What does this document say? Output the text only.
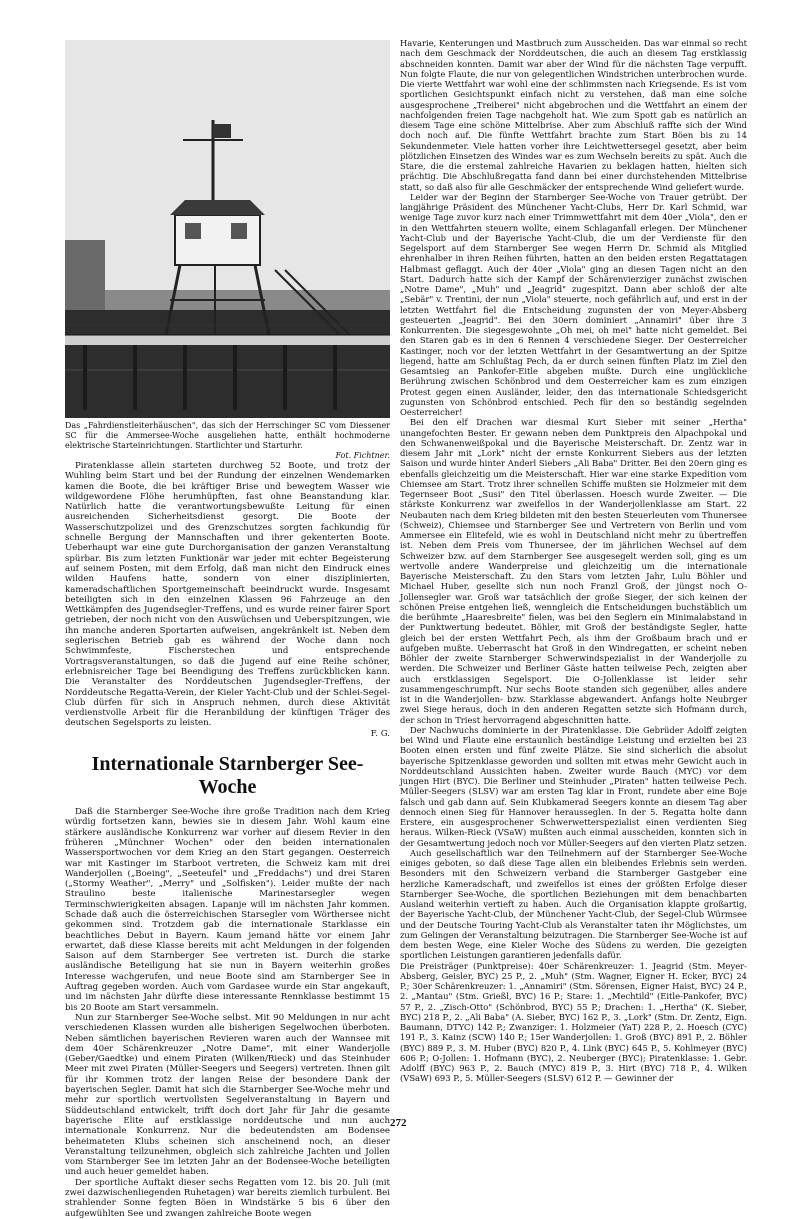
Das „Fahrdienstleiterhäuschen", das sich der Herrschinger SC vom Diessener SC für die Ammersee-Woche ausgeliehen hatte, enthält hochmoderne elektrische Starteinrichtungen. Startlichter und Starturhr.
Fot. Fichtner.

Piratenklasse allein starteten durchweg 52 Boote, und trotz der Wuhling beim Start und bei der Rundung der einzelnen Wendemarken kamen die Boote, die bei kräftiger Brise und bewegtem Wasser wie wildgewordene Flöhe herumhüpften, fast ohne Beanstandung klar. Natürlich hatte die verantwortungsbewußte Leitung für einen ausreichenden Sicherheitsdienst gesorgt. Die Boote der Wasserschutzpolizei und des Grenzschutzes sorgten fachkundig für schnelle Bergung der Mannschaften und ihrer gekenterten Boote. Ueberhaupt war eine gute Durchorganisation der ganzen Veranstaltung spürbar. Bis zum letzten Funktionär war jeder mit echter Begeisterung auf seinem Posten, mit dem Erfolg, daß man nicht den Eindruck eines wilden Haufens hatte, sondern von einer disziplinierten, kameradschaftlichen Sportgemeinschaft beeindruckt wurde. Insgesamt beteiligten sich in den einzelnen Klassen 96 Fahrzeuge an den Wettkämpfen des Jugendsegler-Treffens, und es wurde reiner fairer Sport getrieben, der noch nicht von den Auswüchsen und Ueberspitzungen, wie ihn manche anderen Sportarten aufweisen, angekränkelt ist. Neben dem seglerischen Betrieb gab es während der Woche dann noch Schwimmfeste, Fischerstechen und entsprechende Vortragsveranstaltungen, so daß die Jugend auf eine Reihe schöner, erlebnisreicher Tage bei Beendigung des Treffens zurückblicken kann. Die Veranstalter des Norddeutschen Jugendsegler-Treffens, der Norddeutsche Regatta-Verein, der Kieler Yacht-Club und der Schlei-Segel-Club dürfen für sich in Anspruch nehmen, durch diese Aktivität verdienstvolle Arbeit für die Heranbildung der künftigen Träger des deutschen Segelsports zu leisten.

F. G.

Internationale Starnberger See-Woche

Daß die Starnberger See-Woche ihre große Tradition nach dem Krieg würdig fortsetzen kann, bewies sie in diesem Jahr. Wohl kaum eine stärkere ausländische Konkurrenz war vorher auf diesem Revier in den früheren „Münchner Wochen" oder den beiden internationalen Wassersportwochen vor dem Krieg an den Start gegangen. Oesterreich war mit Kastinger im Starboot vertreten, die Schweiz kam mit drei Wanderjollen („Boeing", „Seeteufel" und „Freddachs") und drei Staren („Stormy Weather", „Merry" und „Solfisken"). Leider mußte der nach Straulino beste italienische Marinestarsegler wegen Terminschwierigkeiten absagen. Lapanje will im nächsten Jahr kommen. Schade daß auch die österreichischen Starsegler vom Wörthersee nicht gekommen sind. Trotzdem gab die internationale Starklasse ein beachtliches Debut in Bayern. Kaum jemand hätte vor einem Jahr erwartet, daß diese Klasse bereits mit acht Meldungen in der folgenden Saison auf dem Starnberger See vertreten ist. Durch die starke ausländische Beteiligung hat sie nun in Bayern weiterhin großes Interesse wachgerufen, und neue Boote sind am Starnberger See in Auftrag gegeben worden. Auch vom Gardasee wurde ein Star angekauft, und im nächsten Jahr dürfte diese interessante Rennklasse bestimmt 15 bis 20 Boote am Start versammeln.

Nun zur Starnberger See-Woche selbst. Mit 90 Meldungen in nur acht verschiedenen Klassen wurden alle bisherigen Segelwochen überboten. Neben sämtlichen bayerischen Revieren waren auch der Wannsee mit dem 40er Schärenkreuzer „Notre Dame", mit einer Wanderjolle (Geber/Gaedtke) und einem Piraten (Wilken/Rieck) und das Steinhuder Meer mit zwei Piraten (Müller-Seegers und Seegers) vertreten. Ihnen gilt für ihr Kommen trotz der langen Reise der besondere Dank der bayerischen Segler. Damit hat sich die Starnberger See-Woche mehr und mehr zur sportlich wertvollsten Segelveranstaltung in Bayern und Süddeutschland entwickelt, trifft doch dort Jahr für Jahr die gesamte bayerische Elite auf erstklassige norddeutsche und nun auch internationale Konkurrenz. Nur die bedeutendsten am Bodensee beheimateten Klubs scheinen sich anscheinend noch, an dieser Veranstaltung teilzunehmen, obgleich sich zahlreiche Jachten und Jollen vom Starnberger See im letzten Jahr an der Bodensee-Woche beteiligten und auch heuer gemeldet haben.

Der sportliche Auftakt dieser sechs Regatten vom 12. bis 20. Juli (mit zwei dazwischenliegenden Ruhetagen) war bereits ziemlich turbulent. Bei strahlender Sonne fegten Böen in Windstärke 5 bis 6 über den aufgewühlten See und zwangen zahlreiche Boote wegen

Havarie, Kenterungen und Mastbruch zum Ausscheiden. Das war einmal so recht nach dem Geschmack der Norddeutschen, die auch an diesem Tag erstklassig abschneiden konnten. Damit war aber der Wind für die nächsten Tage verpufft. Nun folgte Flaute, die nur von gelegentlichen Windstrichen unterbrochen wurde. Die vierte Wettfahrt war wohl eine der schlimmsten nach Kriegsende. Es ist vom sportlichen Gesichtspunkt einfach nicht zu verstehen, daß man eine solche ausgesprochene „Treiberei" nicht abgebrochen und die Wettfahrt an einem der nachfolgenden freien Tage nachgeholt hat. Wie zum Spott gab es natürlich an diesem Tage eine schöne Mittelbrise. Aber zum Abschluß raffte sich der Wind doch noch auf. Die fünfte Wettfahrt brachte zum Start Böen bis zu 14 Sekundenmeter. Viele hatten vorher ihre Leichtwettersegel gesetzt, aber beim plötzlichen Einsetzen des Windes war es zum Wechseln bereits zu spät. Auch die Stare, die die erstemal zahlreiche Havarien zu beklagen hatten, hielten sich prächtig. Die Abschlußregatta fand dann bei einer durchstehenden Mittelbrise statt, so daß also für alle Geschmäcker der entsprechende Wind geliefert wurde.

Leider war der Beginn der Starnberger See-Woche von Trauer getrübt. Der langjährige Präsident des Münchener Yacht-Clubs, Herr Dr. Karl Schmid, war wenige Tage zuvor kurz nach einer Trimmwettfahrt mit dem 40er „Viola", den er in den Wettfahrten steuern wollte, einem Schlaganfall erlegen. Der Münchener Yacht-Club und der Bayerische Yacht-Club, die um der Verdienste für den Segelsport auf dem Starnberger See wegen Herrn Dr. Schmid als Mitglied ehrenhalber in ihren Reihen führten, hatten an den beiden ersten Regattatagen Halbmast geflaggt. Auch der 40er „Viola" ging an diesen Tagen nicht an den Start. Dadurch hatte sich der Kampf der Schärenvierziger zunächst zwischen „Notre Dame", „Muh" und „Jeagrid" zugespitzt. Dann aber schloß der alte „Sebär" v. Trentini, der nun „Viola" steuerte, noch gefährlich auf, und erst in der letzten Wettfahrt fiel die Entscheidung zugunsten der von Meyer-Absberg gesteuerten „Jeagrid". Bei den 30ern dominiert „Annamiri" über ihre 3 Konkurrenten. Die siegesgewohnte „Oh mei, oh mei" hatte nicht gemeldet. Bei den Staren gab es in den 6 Rennen 4 verschiedene Sieger. Der Oesterreicher Kastinger, noch vor der letzten Wettfahrt in der Gesamtwertung an der Spitze liegend, hatte am Schlußtag Pech, da er durch seinen fünften Platz im Ziel den Gesamtsieg an Pankofer-Eitle abgeben mußte. Durch eine unglückliche Berührung zwischen Schönbrod und dem Oesterreicher kam es zum einzigen Protest gegen einen Ausländer, leider, den das internationale Schiedsgericht zugunsten von Schönbrod entschied. Pech für den so beständig segelnden Oesterreicher!

Bei den elf Drachen war diesmal Kurt Sieber mit seiner „Hertha" unangefochten Bester. Er gewann neben dem Punktpreis den Alpachpokal und den Schwanenweißpokal und die Bayerische Meisterschaft. Dr. Zentz war in diesem Jahr mit „Lork" nicht der ernste Konkurrent Siebers aus der letzten Saison und wurde hinter Anderl Siebers „Ali Baba" Dritter. Bei den 20ern ging es ebenfalls gleichzeitig um die Meisterschaft. Hier war eine starke Expedition vom Chiemsee am Start. Trotz ihrer schnellen Schiffe mußten sie Holzmeier mit dem Tegernseer Boot „Susi" den Titel überlassen. Hoesch wurde Zweiter. — Die stärkste Konkurrenz war zweifellos in der Wanderjollenklasse am Start. 22 Neubauten nach dem Krieg bildeten mit den besten Steuerleuten vom Thunersee (Schweiz), Chiemsee und Starnberger See und Vertretern von Berlin und vom Ammersee ein Elitefeld, wie es wohl in Deutschland nicht mehr zu übertreffen ist. Neben dem Preis vom Thunersee, der im jährlichen Wechsel auf dem Schweizer bzw. auf dem Starnberger See ausgesegelt werden soll, ging es um wertvolle andere Wanderpreise und gleichzeitig um die internationale Bayerische Meisterschaft. Zu den Stars vom letzten Jahr, Lulu Böhler und Michael Huber, gesellte sich nun noch Franzl Groß, der jüngst noch O-Jollensegler war. Groß war tatsächlich der große Sieger, der sich keinen der schönen Preise entgehen ließ, wenngleich die Entscheidungen buchstäblich um die berühmte „Haaresbreite" fielen, was bei den Seglern ein Minimalabstand in der Punktwertung bedeutet. Böhler, mit Groß der beständigste Segler, hatte gleich bei der ersten Wettfahrt Pech, als ihm der Großbaum brach und er aufgeben mußte. Ueberrascht hat Groß in den Windregatten, er scheint neben Böhler der zweite Starnberger Schwerwindspezialist in der Wanderjolle zu werden. Die Schweizer und Berliner Gäste hatten teilweise Pech, zeigten aber auch erstklassigen Segelsport. Die O-Jollenklasse ist leider sehr zusammengeschrumpft. Nur sechs Boote standen sich gegenüber, alles andere ist in die Wanderjollen- bzw. Starklasse abgewandert. Anfangs holte Neubrger zwei Siege heraus, doch in den anderen Regatten setzte sich Hofmann durch, der schon in Triest hervorragend abgeschnitten hatte.

Der Nachwuchs dominierte in der Piratenklasse. Die Gebrüder Adolff zeigten bei Wind und Flaute eine erstaunlich beständige Leistung und erzielten bei 23 Booten einen ersten und fünf zweite Plätze. Sie sind sicherlich die absolut bayerische Spitzenklasse geworden und sollten mit etwas mehr Gewicht auch in Norddeutschland Aussichten haben. Zweiter wurde Bauch (MYC) vor dem jungen Hirt (BYC). Die Berliner und Steinhuder „Piraten" hatten teilweise Pech. Müller-Seegers (SLSV) war am ersten Tag klar in Front, rundete aber eine Boje falsch und gab dann auf. Sein Klubkamerad Seegers konnte an diesem Tag aber dennoch einen Sieg für Hannover herausseglen. In der 5. Regatta holte dann Erstere, ein ausgesprochener Schwerwetterspezialist einen verdienten Sieg heraus. Wilken-Rieck (VSaW) mußten auch einmal ausscheiden, konnten sich in der Gesamtwertung jedoch noch vor Müller-Seegers auf den vierten Platz setzen.

Auch gesellschaftlich war den Teilnehmern auf der Starnberger See-Woche einiges geboten, so daß diese Tage allen ein bleibendes Erlebnis sein werden. Besonders mit den Schweizern verband die Starnberger Gastgeber eine herzliche Kameradschaft, und zweifellos ist eines der größten Erfolge dieser Starnberger See-Woche, die sportlichen Beziehungen mit dem benachbarten Ausland weiterhin vertieft zu haben. Auch die Organisation klappte großartig, der Bayerische Yacht-Club, der Münchener Yacht-Club, der Segel-Club Würmsee und der Deutsche Touring Yacht-Club als Veranstalter taten ihr Möglichstes, um zum Gelingen der Veranstaltung beizutragen. Die Starnberger See-Woche ist auf dem besten Wege, eine Kieler Woche des Südens zu werden. Die gezeigten sportlichen Leistungen garantieren jedenfalls dafür.

Die Preisträger (Punktpreise): 40er Schärenkreuzer: 1. Jeagrid (Stm. Meyer-Absberg, Geisler, BYC) 25 P., 2. „Muh" (Stm. Wagner, Eigner H. Ecker, BYC) 24 P.; 30er Schärenkreuzer: 1. „Annamiri" (Stm. Sörensen, Eigner Haist, BYC) 24 P., 2. „Mantau" (Stm. Grießl, BYC) 16 P.; Stare: 1. „Mechtild" (Eitle-Pankofer, BYC) 57 P., 2. „Zisch-Otto" (Schönbrod, BYC) 55 P.; Drachen: 1. „Hertha" (K. Sieber, BYC) 218 P., 2. „Ali Baba" (A. Sieber, BYC) 162 P., 3. „Lork" (Stm. Dr. Zentz, Eign. Baumann, DTYC) 142 P.; Zwanziger: 1. Holzmeier (YaT) 228 P., 2. Hoesch (CYC) 191 P., 3. Kainz (SCW) 140 P.; 15er Wanderjollen: 1. Groß (BYC) 891 P., 2. Böhler (BYC) 889 P., 3. M. Huber (BYC) 820 P., 4. Link (BYC) 645 P., 5. Kohlmeyer (BYC) 606 P.; O-Jollen: 1. Hofmann (BYC), 2. Neuberger (BYC); Piratenklasse: 1. Gebr. Adolff (BYC) 963 P., 2. Bauch (MYC) 819 P., 3. Hirt (BYC) 718 P., 4. Wilken (VSaW) 693 P., 5. Müller-Seegers (SLSV) 612 P. — Gewinner der

272
